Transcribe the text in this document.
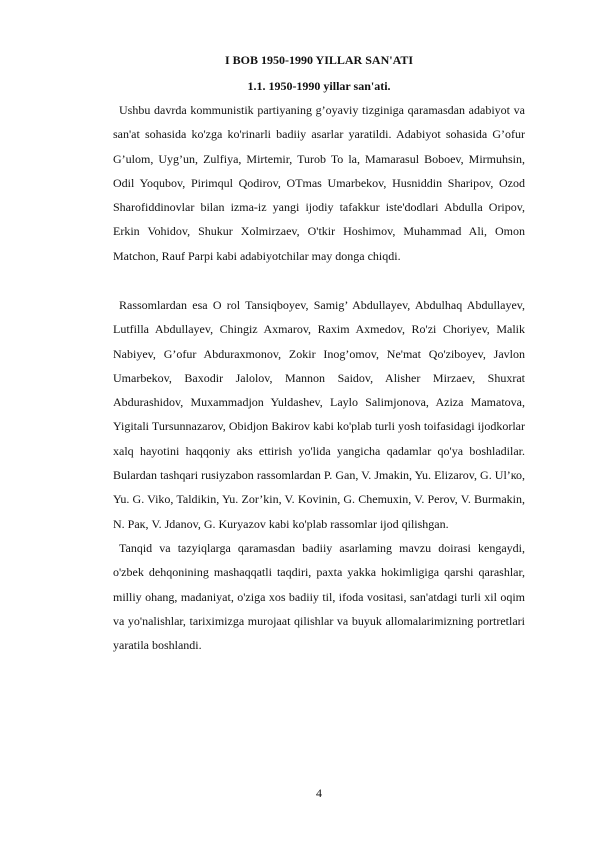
I BOB 1950-1990 YILLAR SAN'ATI
1.1. 1950-1990 yillar san'ati.

Ushbu davrda kommunistik partiyaning g’oyaviy tizginiga qaramasdan adabiyot va san'at sohasida ko'zga ko'rinarli badiiy asarlar yaratildi. Adabiyot sohasida G’ofur G’ulom, Uyg’un, Zulfiya, Mirtemir, Turob To la, Mamarasul Boboev, Mirmuhsin, Odil Yoqubov, Pirimqul Qodirov, OTmas Umarbekov, Husniddin Sharipov, Ozod Sharofiddinovlar bilan izma-iz yangi ijodiy tafakkur iste'dodlari Abdulla Oripov, Erkin Vohidov, Shukur Xolmirzaev, O'tkir Hoshimov, Muhammad Ali, Omon Matchon, Rauf Parpi kabi adabiyotchilar may donga chiqdi.

Rassomlardan esa O rol Tansiqboyev, Samig’ Abdullayev, Abdulhaq Abdullayev, Lutfilla Abdullayev, Chingiz Axmarov, Raxim Axmedov, Ro'zi Choriyev, Malik Nabiyev, G’ofur Abduraxmonov, Zokir Inog’omov, Ne'mat Qo'ziboyev, Javlon Umarbekov, Baxodir Jalolov, Mannon Saidov, Alisher Mirzaev, Shuxrat Abdurashidov, Muxammadjon Yuldashev, Laylo Salimjonova, Aziza Mamatova, Yigitali Tursunnazarov, Obidjon Bakirov kabi ko'plab turli yosh toifasidagi ijodkorlar xalq hayotini haqqoniy aks ettirish yo'lida yangicha qadamlar qo'ya boshladilar. Bulardan tashqari rusiyzabon rassomlardan P. Gan, V. Jmakin, Yu. Elizarov, G. Ul’ко, Yu. G. Viko, Taldikin, Yu. Zor’kin, V. Kovinin, G. Chemuxin, V. Perov, V. Burmakin, N. Рак, V. Jdanov, G. Kuryazov kabi ko'plab rassomlar ijod qilishgan.

Tanqid va tazyiqlarga qaramasdan badiiy asarlaming mavzu doirasi kengaydi, o'zbek dehqonining mashaqqatli taqdiri, paxta yakka hokimligiga qarshi qarashlar, milliy ohang, madaniyat, o'ziga xos badiiy til, ifoda vositasi, san'atdagi turli xil oqim va yo'nalishlar, tariximizga murojaat qilishlar va buyuk allomalarimizning portretlari yaratila boshlandi.

4
